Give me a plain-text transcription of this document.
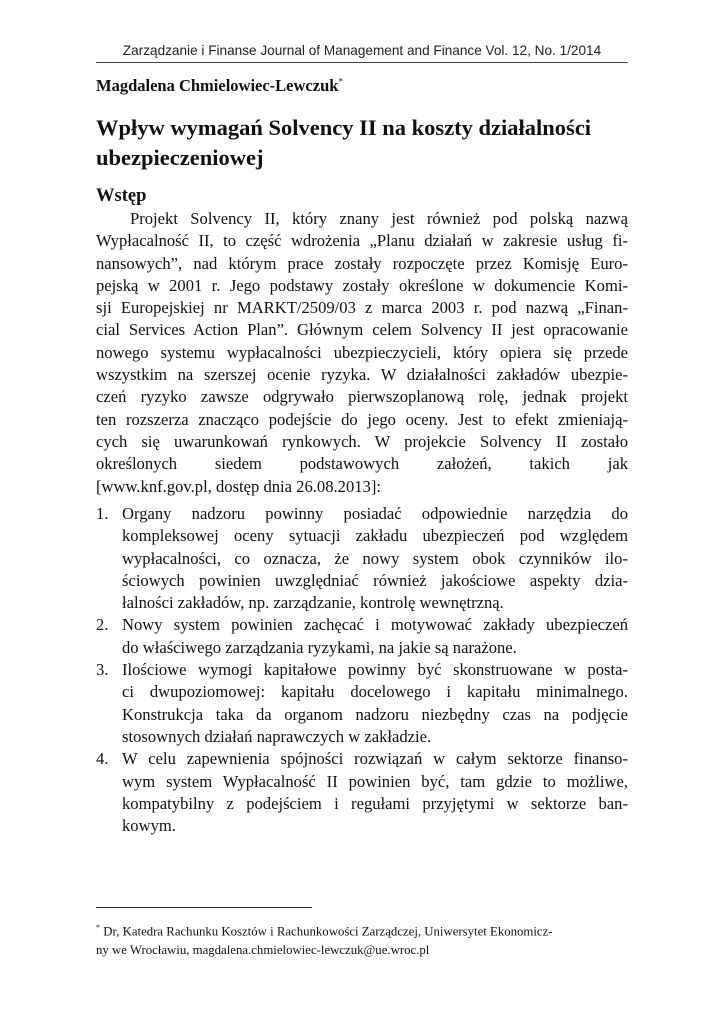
Zarządzanie i Finanse Journal of Management and Finance Vol. 12, No. 1/2014
Magdalena Chmielowiec-Lewczuk*
Wpływ wymagań Solvency II na koszty działalności
ubezpieczeniowej
Wstęp
Projekt Solvency II, który znany jest również pod polską nazwą
Wypłacalność II, to część wdrożenia „Planu działań w zakresie usług fi-
nansowych”, nad którym prace zostały rozpoczęte przez Komisję Euro-
pejską w 2001 r. Jego podstawy zostały określone w dokumencie Komi-
sji Europejskiej nr MARKT/2509/03 z marca 2003 r. pod nazwą „Finan-
cial Services Action Plan”. Głównym celem Solvency II jest opracowanie
nowego systemu wypłacalności ubezpieczycieli, który opiera się przede
wszystkim na szerszej ocenie ryzyka. W działalności zakładów ubezpie-
czeń ryzyko zawsze odgrywało pierwszoplanową rolę, jednak projekt
ten rozszerza znacząco podejście do jego oceny. Jest to efekt zmieniają-
cych się uwarunkowań rynkowych. W projekcie Solvency II zostało
określonych siedem podstawowych założeń, takich jak
[www.knf.gov.pl, dostęp dnia 26.08.2013]:
1. Organy nadzoru powinny posiadać odpowiednie narzędzia do
kompleksowej oceny sytuacji zakładu ubezpieczeń pod względem
wypłacalności, co oznacza, że nowy system obok czynników ilo-
ściowych powinien uwzględniać również jakościowe aspekty dzia-
łalności zakładów, np. zarządzanie, kontrolę wewnętrzną.
2. Nowy system powinien zachęcać i motywować zakłady ubezpieczeń
do właściwego zarządzania ryzykami, na jakie są narażone.
3. Ilościowe wymogi kapitałowe powinny być skonstruowane w posta-
ci dwupoziomowej: kapitału docelowego i kapitału minimalnego.
Konstrukcja taka da organom nadzoru niezbędny czas na podjęcie
stosownych działań naprawczych w zakładzie.
4. W celu zapewnienia spójności rozwiązań w całym sektorze finanso-
wym system Wypłacalność II powinien być, tam gdzie to możliwe,
kompatybilny z podejściem i regułami przyjętymi w sektorze ban-
kowym.
* Dr, Katedra Rachunku Kosztów i Rachunkowości Zarządczej, Uniwersytet Ekonomicz-
ny we Wrocławiu, magdalena.chmielowiec-lewczuk@ue.wroc.pl
